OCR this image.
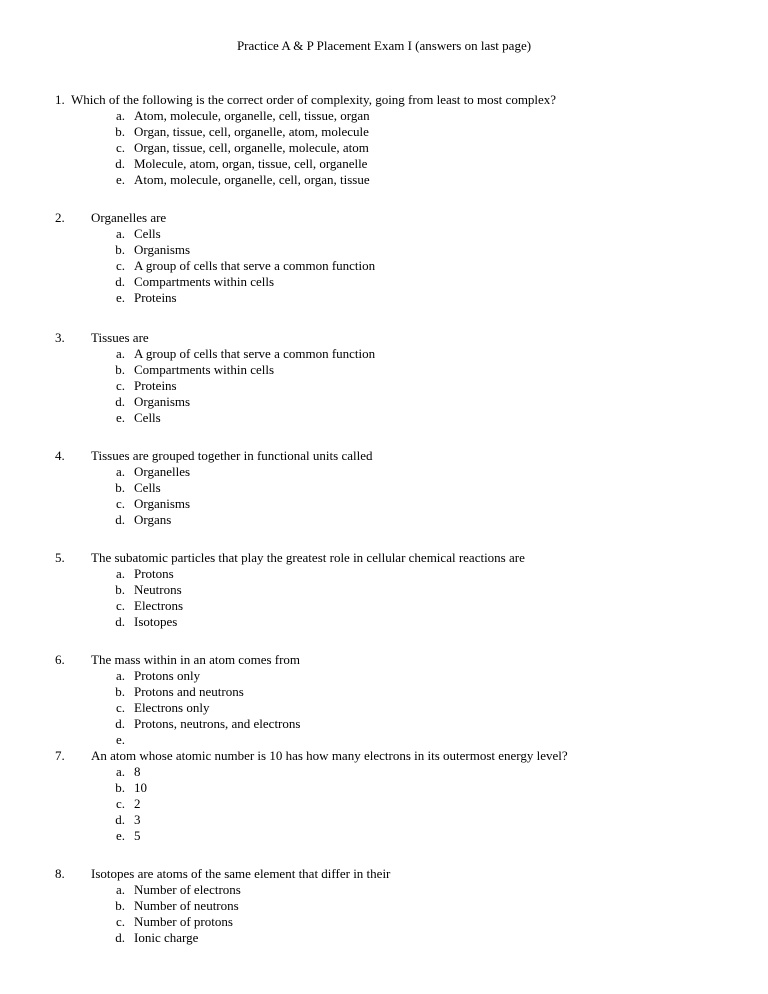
Practice A & P Placement Exam I (answers on last page)
1. Which of the following is the correct order of complexity, going from least to most complex?
a. Atom, molecule, organelle, cell, tissue, organ
b. Organ, tissue, cell, organelle, atom, molecule
c. Organ, tissue, cell, organelle, molecule, atom
d. Molecule, atom, organ, tissue, cell, organelle
e. Atom, molecule, organelle, cell, organ, tissue
2. Organelles are
a. Cells
b. Organisms
c. A group of cells that serve a common function
d. Compartments within cells
e. Proteins
3. Tissues are
a. A group of cells that serve a common function
b. Compartments within cells
c. Proteins
d. Organisms
e. Cells
4. Tissues are grouped together in functional units called
a. Organelles
b. Cells
c. Organisms
d. Organs
5. The subatomic particles that play the greatest role in cellular chemical reactions are
a. Protons
b. Neutrons
c. Electrons
d. Isotopes
6. The mass within in an atom comes from
a. Protons only
b. Protons and neutrons
c. Electrons only
d. Protons, neutrons, and electrons
e.
7. An atom whose atomic number is 10 has how many electrons in its outermost energy level?
a. 8
b. 10
c. 2
d. 3
e. 5
8. Isotopes are atoms of the same element that differ in their
a. Number of electrons
b. Number of neutrons
c. Number of protons
d. Ionic charge
